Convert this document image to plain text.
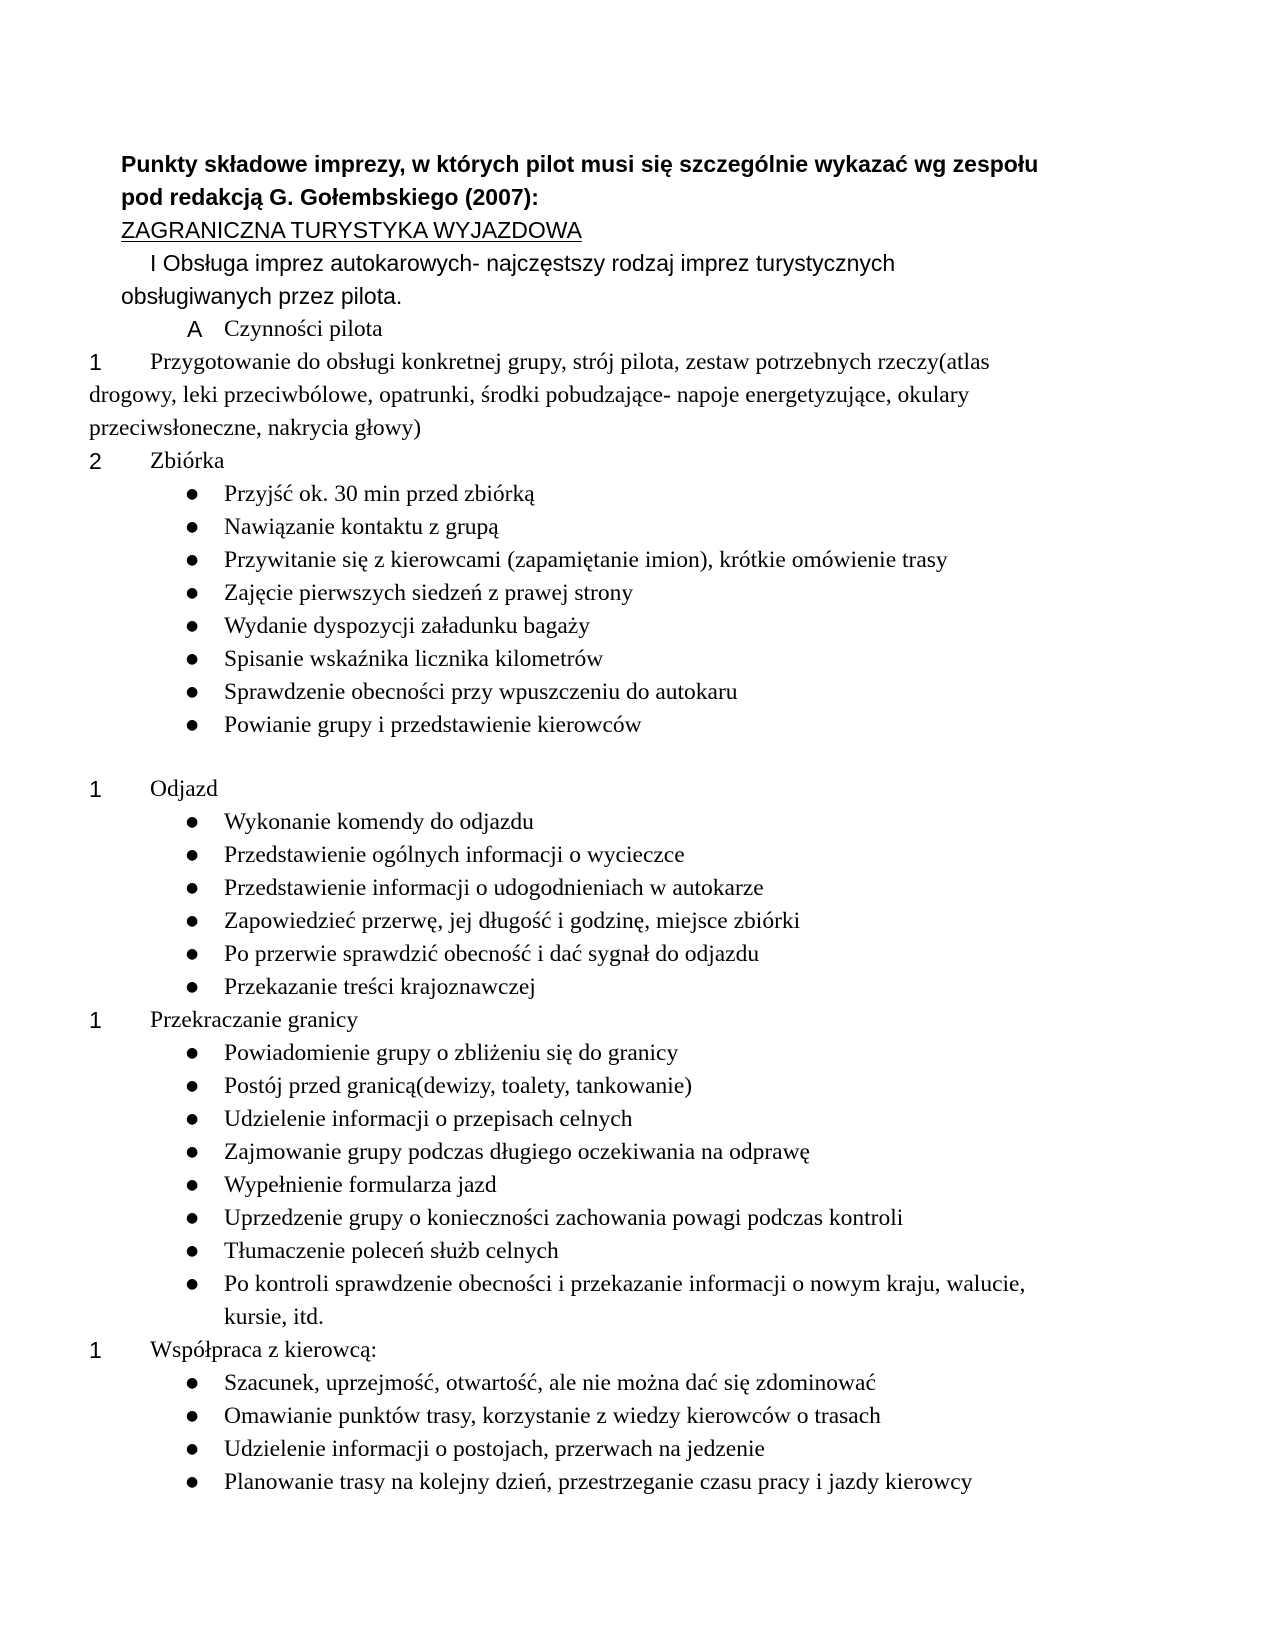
Punkty składowe imprezy, w których pilot musi się szczególnie wykazać wg zespołu
pod redakcją G. Gołembskiego (2007):
ZAGRANICZNA TURYSTYKA WYJAZDOWA
I Obsługa imprez autokarowych- najczęstszy rodzaj imprez turystycznych
obsługiwanych przez pilota.
A Czynności pilota
1 Przygotowanie do obsługi konkretnej grupy, strój pilota, zestaw potrzebnych rzeczy(atlas
drogowy, leki przeciwbólowe, opatrunki, środki pobudzające- napoje energetyzujące, okulary
przeciwsłoneczne, nakrycia głowy)
2 Zbiórka
● Przyjść ok. 30 min przed zbiórką
● Nawiązanie kontaktu z grupą
● Przywitanie się z kierowcami (zapamiętanie imion), krótkie omówienie trasy
● Zajęcie pierwszych siedzeń z prawej strony
● Wydanie dyspozycji załadunku bagaży
● Spisanie wskaźnika licznika kilometrów
● Sprawdzenie obecności przy wpuszczeniu do autokaru
● Powianie grupy i przedstawienie kierowców
1 Odjazd
● Wykonanie komendy do odjazdu
● Przedstawienie ogólnych informacji o wycieczce
● Przedstawienie informacji o udogodnieniach w autokarze
● Zapowiedzieć przerwę, jej długość i godzinę, miejsce zbiórki
● Po przerwie sprawdzić obecność i dać sygnał do odjazdu
● Przekazanie treści krajoznawczej
1 Przekraczanie granicy
● Powiadomienie grupy o zbliżeniu się do granicy
● Postój przed granicą(dewizy, toalety, tankowanie)
● Udzielenie informacji o przepisach celnych
● Zajmowanie grupy podczas długiego oczekiwania na odprawę
● Wypełnienie formularza jazd
● Uprzedzenie grupy o konieczności zachowania powagi podczas kontroli
● Tłumaczenie poleceń służb celnych
● Po kontroli sprawdzenie obecności i przekazanie informacji o nowym kraju, walucie,
kursie, itd.
1 Współpraca z kierowcą:
● Szacunek, uprzejmość, otwartość, ale nie można dać się zdominować
● Omawianie punktów trasy, korzystanie z wiedzy kierowców o trasach
● Udzielenie informacji o postojach, przerwach na jedzenie
● Planowanie trasy na kolejny dzień, przestrzeganie czasu pracy i jazdy kierowcy
